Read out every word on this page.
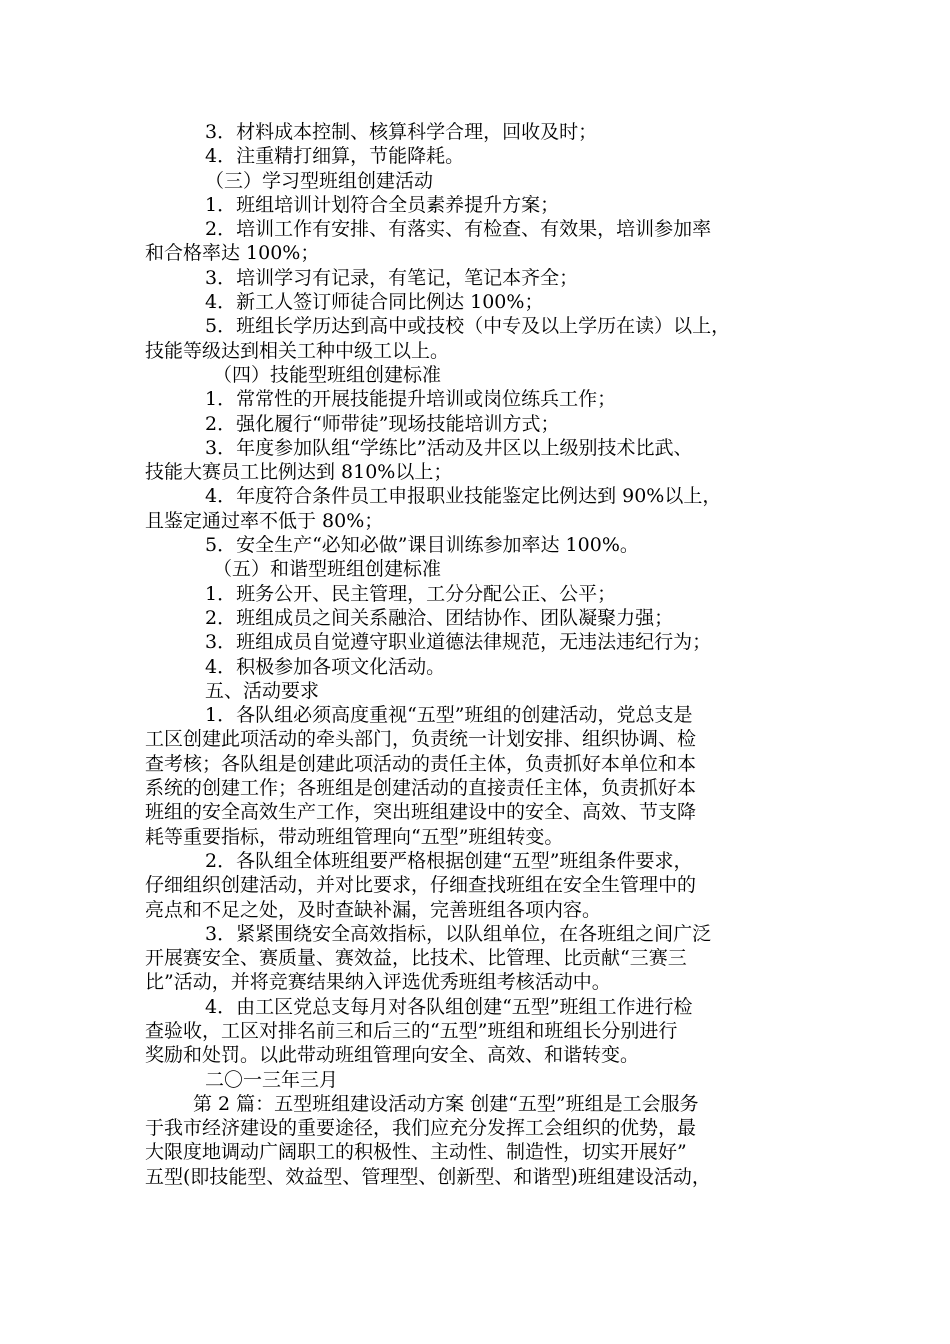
3．材料成本控制、核算科学合理，回收及时；
4．注重精打细算，节能降耗。
（三）学习型班组创建活动
1．班组培训计划符合全员素养提升方案；
2．培训工作有安排、有落实、有检查、有效果，培训参加率
和合格率达 100%；
3．培训学习有记录，有笔记，笔记本齐全；
4．新工人签订师徒合同比例达 100%；
5．班组长学历达到高中或技校（中专及以上学历在读）以上，
技能等级达到相关工种中级工以上。
（四）技能型班组创建标准
1．常常性的开展技能提升培训或岗位练兵工作；
2．强化履行“师带徒”现场技能培训方式；
3．年度参加队组“学练比”活动及井区以上级别技术比武、
技能大赛员工比例达到 810%以上；
4．年度符合条件员工申报职业技能鉴定比例达到 90%以上，
且鉴定通过率不低于 80%；
5．安全生产“必知必做”课目训练参加率达 100%。
（五）和谐型班组创建标准
1．班务公开、民主管理，工分分配公正、公平；
2．班组成员之间关系融洽、团结协作、团队凝聚力强；
3．班组成员自觉遵守职业道德法律规范，无违法违纪行为；
4．积极参加各项文化活动。
五、活动要求
1．各队组必须高度重视“五型”班组的创建活动，党总支是
工区创建此项活动的牵头部门，负责统一计划安排、组织协调、检
查考核；各队组是创建此项活动的责任主体，负责抓好本单位和本
系统的创建工作；各班组是创建活动的直接责任主体，负责抓好本
班组的安全高效生产工作，突出班组建设中的安全、高效、节支降
耗等重要指标，带动班组管理向“五型”班组转变。
2．各队组全体班组要严格根据创建“五型”班组条件要求，
仔细组织创建活动，并对比要求，仔细查找班组在安全生管理中的
亮点和不足之处，及时查缺补漏，完善班组各项内容。
3．紧紧围绕安全高效指标，以队组单位，在各班组之间广泛
开展赛安全、赛质量、赛效益，比技术、比管理、比贡献“三赛三
比”活动，并将竞赛结果纳入评选优秀班组考核活动中。
4．由工区党总支每月对各队组创建“五型”班组工作进行检
查验收，工区对排名前三和后三的“五型”班组和班组长分别进行
奖励和处罚。以此带动班组管理向安全、高效、和谐转变。
二〇一三年三月
第 2 篇：五型班组建设活动方案 创建“五型”班组是工会服务
于我市经济建设的重要途径，我们应充分发挥工会组织的优势，最
大限度地调动广阔职工的积极性、主动性、制造性，切实开展好”
五型(即技能型、效益型、管理型、创新型、和谐型)班组建设活动，
